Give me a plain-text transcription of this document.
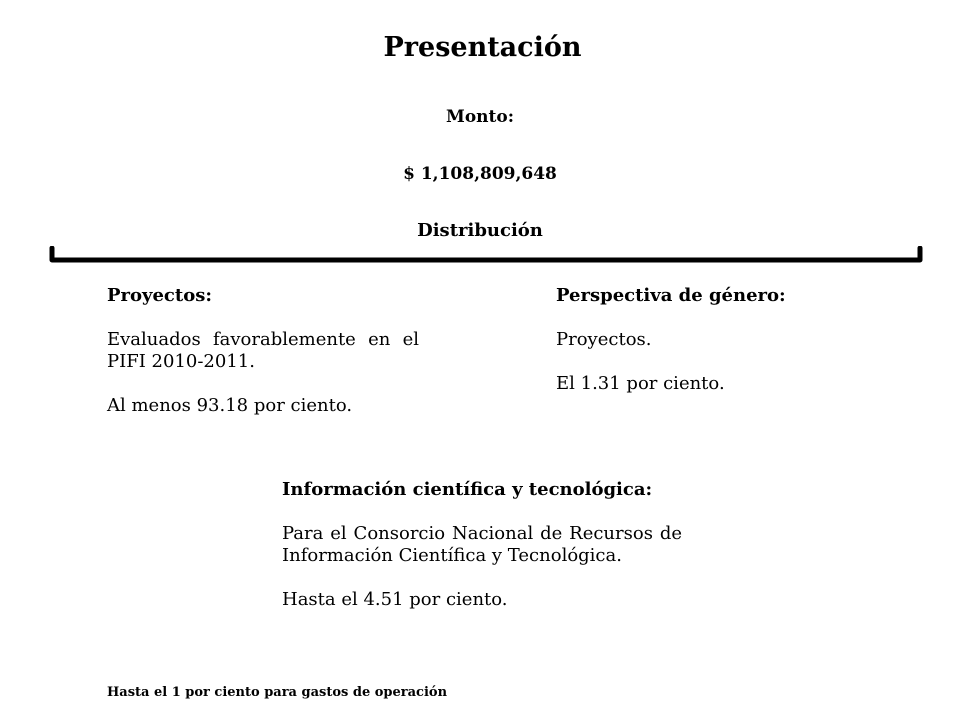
Presentación
Monto:
$ 1,108,809,648
Distribución

Proyectos:

Evaluados favorablemente en el PIFI 2010-2011.

Al menos 93.18 por ciento.

Perspectiva de género:

Proyectos.

El 1.31 por ciento.

Información científica y tecnológica:

Para el Consorcio Nacional de Recursos de Información Científica y Tecnológica.

Hasta el 4.51 por ciento.

Hasta el 1 por ciento para gastos de operación
